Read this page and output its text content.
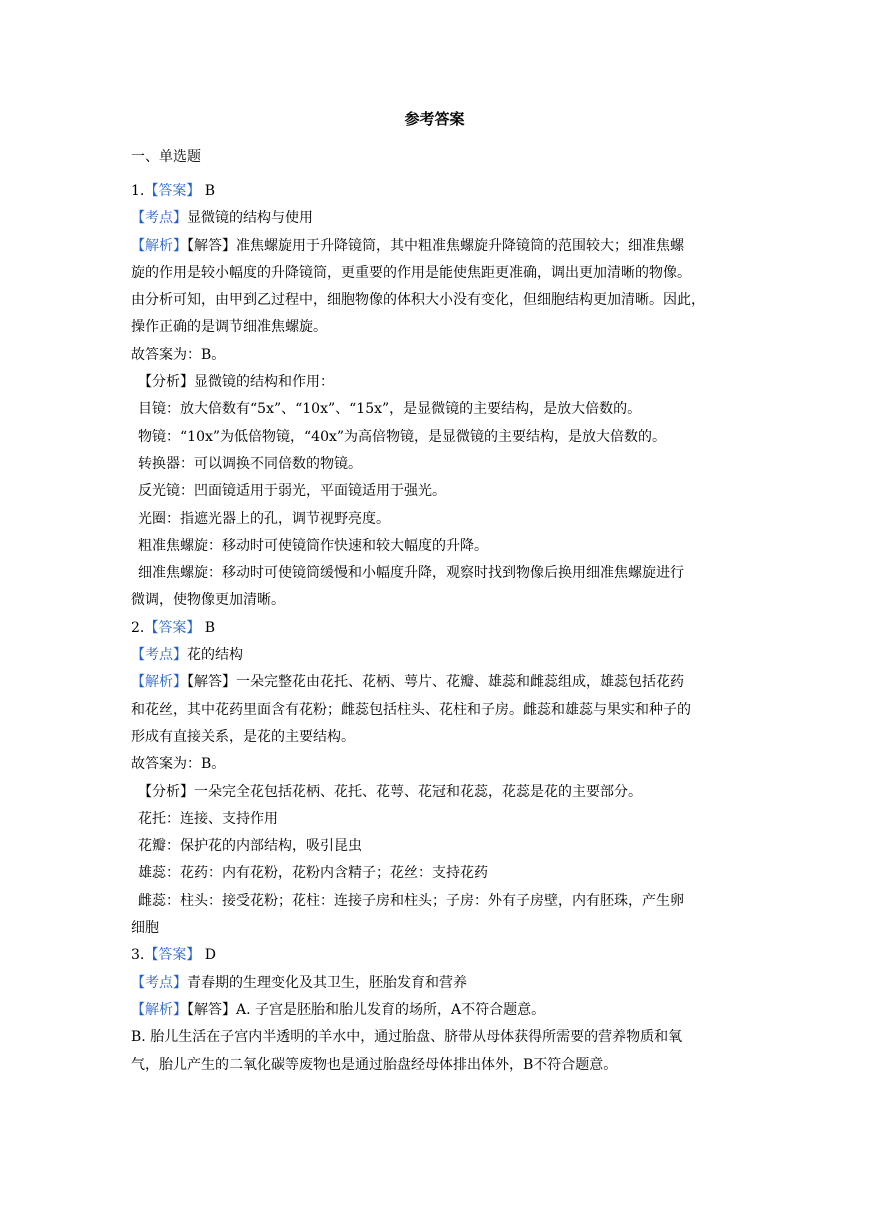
参考答案
一、单选题
1.【答案】 B
【考点】显微镜的结构与使用
【解析】【解答】准焦螺旋用于升降镜筒，其中粗准焦螺旋升降镜筒的范围较大；细准焦螺
旋的作用是较小幅度的升降镜筒，更重要的作用是能使焦距更准确，调出更加清晰的物像。
由分析可知，由甲到乙过程中，细胞物像的体积大小没有变化，但细胞结构更加清晰。因此，
操作正确的是调节细准焦螺旋。
故答案为：B。
【分析】显微镜的结构和作用：
目镜：放大倍数有“5x”、“10x”、“15x”，是显微镜的主要结构，是放大倍数的。
物镜：“10x”为低倍物镜，“40x”为高倍物镜，是显微镜的主要结构，是放大倍数的。
转换器：可以调换不同倍数的物镜。
反光镜：凹面镜适用于弱光，平面镜适用于强光。
光圈：指遮光器上的孔，调节视野亮度。
粗准焦螺旋：移动时可使镜筒作快速和较大幅度的升降。
细准焦螺旋：移动时可使镜筒缓慢和小幅度升降，观察时找到物像后换用细准焦螺旋进行
微调，使物像更加清晰。
2.【答案】 B
【考点】花的结构
【解析】【解答】一朵完整花由花托、花柄、萼片、花瓣、雄蕊和雌蕊组成，雄蕊包括花药
和花丝，其中花药里面含有花粉；雌蕊包括柱头、花柱和子房。雌蕊和雄蕊与果实和种子的
形成有直接关系，是花的主要结构。
故答案为：B。
【分析】一朵完全花包括花柄、花托、花萼、花冠和花蕊，花蕊是花的主要部分。
花托：连接、支持作用
花瓣：保护花的内部结构，吸引昆虫
雄蕊：花药：内有花粉，花粉内含精子；花丝：支持花药
雌蕊：柱头：接受花粉；花柱：连接子房和柱头；子房：外有子房壁，内有胚珠，产生卵
细胞
3.【答案】 D
【考点】青春期的生理变化及其卫生，胚胎发育和营养
【解析】【解答】A. 子宫是胚胎和胎儿发育的场所，A不符合题意。
B. 胎儿生活在子宫内半透明的羊水中，通过胎盘、脐带从母体获得所需要的营养物质和氧
气，胎儿产生的二氧化碳等废物也是通过胎盘经母体排出体外，B不符合题意。
